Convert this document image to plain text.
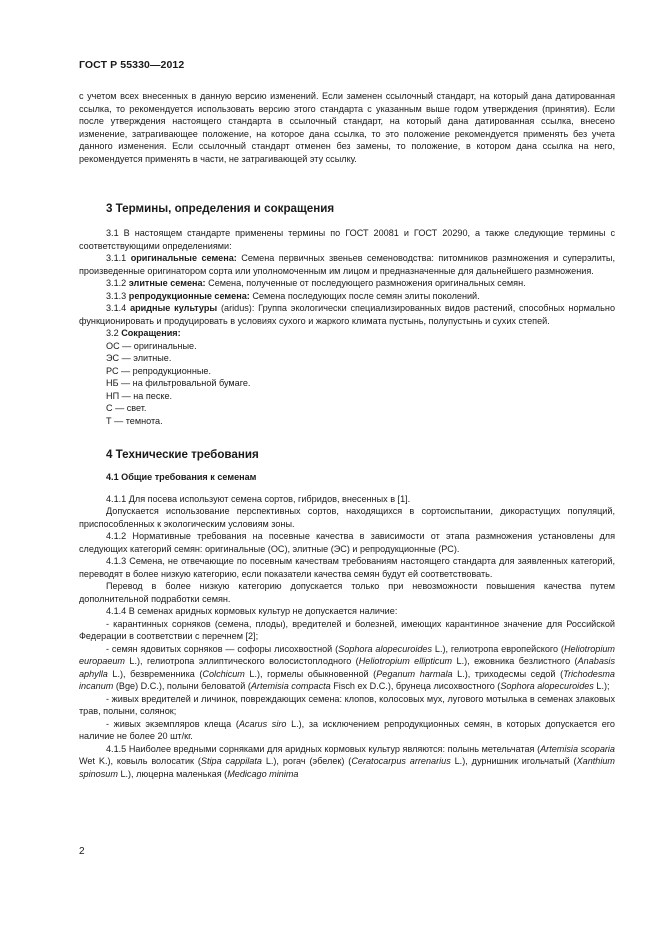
ГОСТ Р 55330—2012

с учетом всех внесенных в данную версию изменений. Если заменен ссылочный стандарт, на который дана датированная ссылка, то рекомендуется использовать версию этого стандарта с указанным выше годом утверждения (принятия). Если после утверждения настоящего стандарта в ссылочный стандарт, на который дана датированная ссылка, внесено изменение, затрагивающее положение, на которое дана ссылка, то это положение рекомендуется применять без учета данного изменения. Если ссылочный стандарт отменен без замены, то положение, в котором дана ссылка на него, рекомендуется применять в части, не затрагивающей эту ссылку.

3 Термины, определения и сокращения

3.1 В настоящем стандарте применены термины по ГОСТ 20081 и ГОСТ 20290, а также следующие термины с соответствующими определениями:

3.1.1 оригинальные семена: Семена первичных звеньев семеноводства: питомников размножения и суперэлиты, произведенные оригинатором сорта или уполномоченным им лицом и предназначенные для дальнейшего размножения.

3.1.2 элитные семена: Семена, полученные от последующего размножения оригинальных семян.

3.1.3 репродукционные семена: Семена последующих после семян элиты поколений.

3.1.4 аридные культуры (aridus): Группа экологически специализированных видов растений, способных нормально функционировать и продуцировать в условиях сухого и жаркого климата пустынь, полупустынь и сухих степей.

3.2 Сокращения:

ОС — оригинальные.

ЭС — элитные.

РС — репродукционные.

НБ — на фильтровальной бумаге.

НП — на песке.

С — свет.

Т — темнота.

4 Технические требования

4.1 Общие требования к семенам

4.1.1 Для посева используют семена сортов, гибридов, внесенных в [1].

Допускается использование перспективных сортов, находящихся в сортоиспытании, дикорастущих популяций, приспособленных к экологическим условиям зоны.

4.1.2 Нормативные требования на посевные качества в зависимости от этапа размножения установлены для следующих категорий семян: оригинальные (ОС), элитные (ЭС) и репродукционные (РС).

4.1.3 Семена, не отвечающие по посевным качествам требованиям настоящего стандарта для заявленных категорий, переводят в более низкую категорию, если показатели качества семян будут ей соответствовать.

Перевод в более низкую категорию допускается только при невозможности повышения качества путем дополнительной подработки семян.

4.1.4 В семенах аридных кормовых культур не допускается наличие:

- карантинных сорняков (семена, плоды), вредителей и болезней, имеющих карантинное значение для Российской Федерации в соответствии с перечнем [2];

- семян ядовитых сорняков — софоры лисохвостной (Sophora alopecuroides L.), гелиотропа европейского (Heliotropium europaeum L.), гелиотропа эллиптического волосистоплодного (Heliotropium ellipticum L.), ежовника безлистного (Anabasis aphylla L.), безвременника (Colchicum L.), гормелы обыкновенной (Peganum harmala L.), триходесмы седой (Trichodesma incanum (Bge) D.C.), полыни беловатой (Artemisia compacta Fisch ex D.C.), брунеца лисохвостного (Sophora alopecuroides L.);

- живых вредителей и личинок, повреждающих семена: клопов, колосовых мух, лугового мотылька в семенах злаковых трав, полыни, солянок;

- живых экземпляров клеща (Acarus siro L.), за исключением репродукционных семян, в которых допускается его наличие не более 20 шт/кг.

4.1.5 Наиболее вредными сорняками для аридных кормовых культур являются: полынь метельчатая (Artemisia scoparia Wet K.), ковыль волосатик (Stipa cappilata L.), рогач (эбелек) (Ceratocarpus arrenarius L.), дурнишник игольчатый (Xanthium spinosum L.), люцерна маленькая (Medicago minima

2
